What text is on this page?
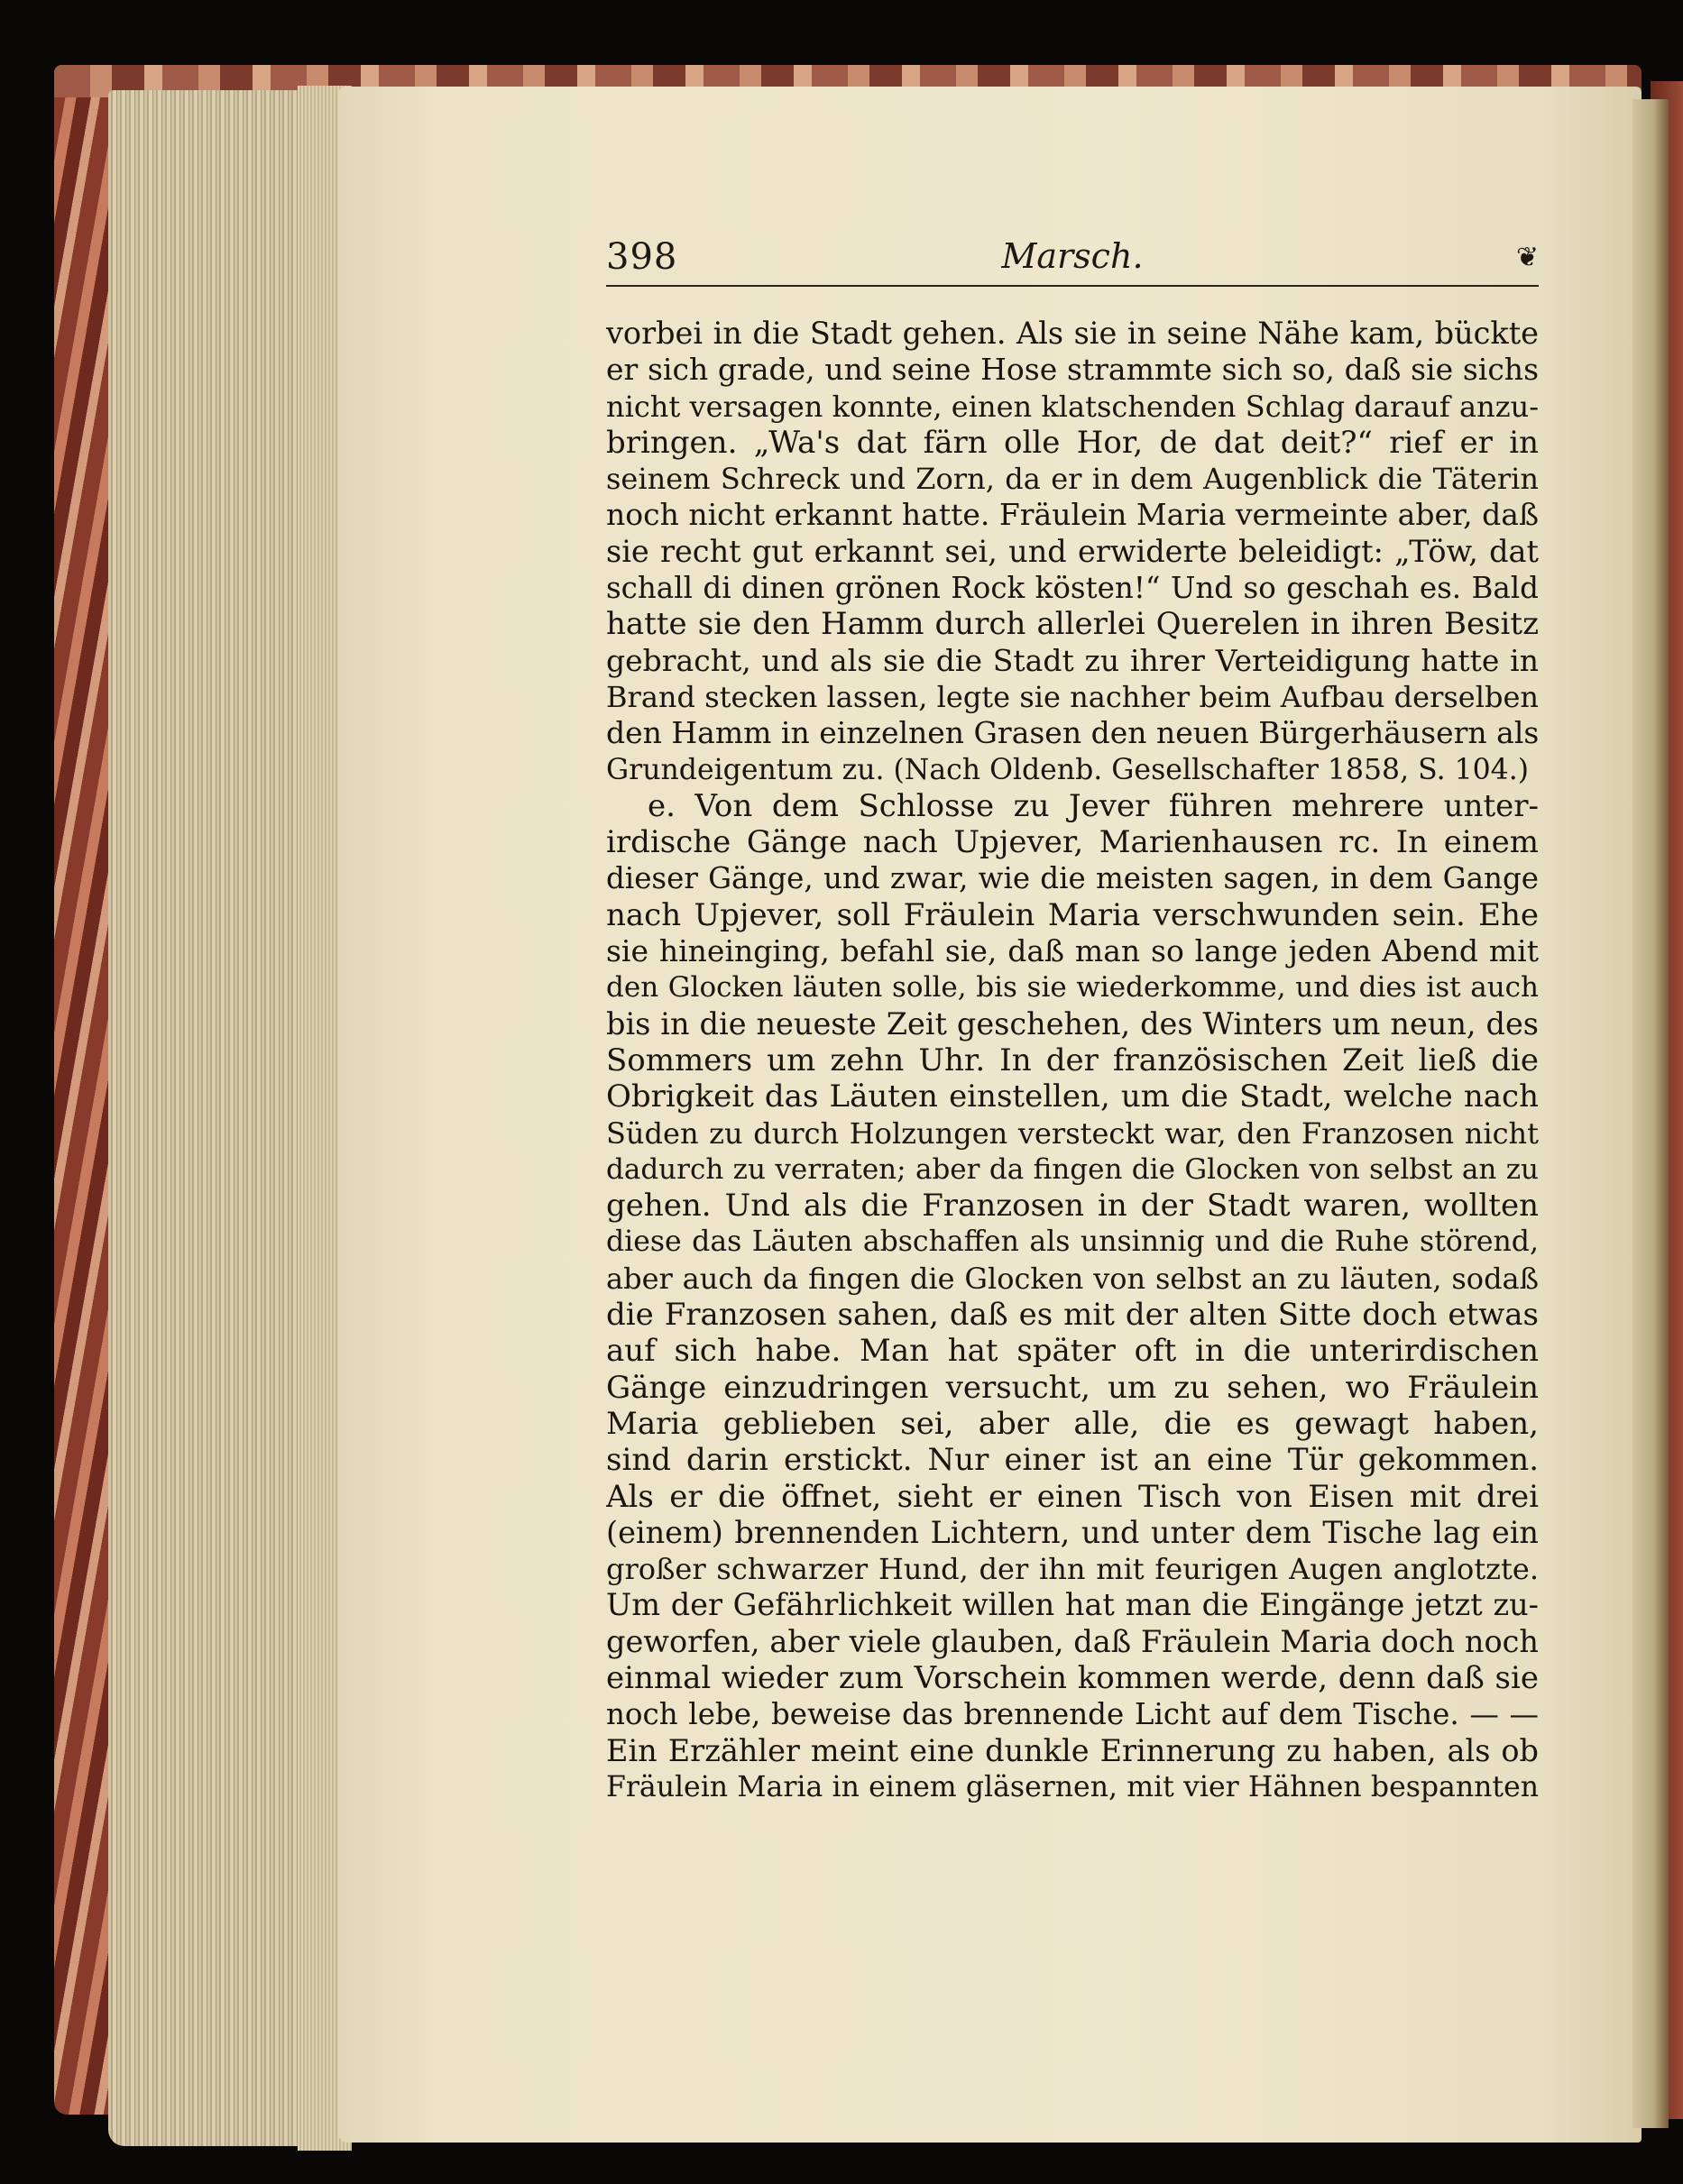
398	Marsch.	❦
vorbei in die Stadt gehen. Als sie in seine Nähe kam, bückte
er sich grade, und seine Hose strammte sich so, daß sie sichs
nicht versagen konnte, einen klatschenden Schlag darauf anzu-
bringen. „Wa's dat färn olle Hor, de dat deit?“ rief er in
seinem Schreck und Zorn, da er in dem Augenblick die Täterin
noch nicht erkannt hatte. Fräulein Maria vermeinte aber, daß
sie recht gut erkannt sei, und erwiderte beleidigt: „Töw, dat
schall di dinen grönen Rock kösten!“ Und so geschah es. Bald
hatte sie den Hamm durch allerlei Querelen in ihren Besitz
gebracht, und als sie die Stadt zu ihrer Verteidigung hatte in
Brand stecken lassen, legte sie nachher beim Aufbau derselben
den Hamm in einzelnen Grasen den neuen Bürgerhäusern als
Grundeigentum zu. (Nach Oldenb. Gesellschafter 1858, S. 104.)
e. Von dem Schlosse zu Jever führen mehrere unter-
irdische Gänge nach Upjever, Marienhausen rc. In einem
dieser Gänge, und zwar, wie die meisten sagen, in dem Gange
nach Upjever, soll Fräulein Maria verschwunden sein. Ehe
sie hineinging, befahl sie, daß man so lange jeden Abend mit
den Glocken läuten solle, bis sie wiederkomme, und dies ist auch
bis in die neueste Zeit geschehen, des Winters um neun, des
Sommers um zehn Uhr. In der französischen Zeit ließ die
Obrigkeit das Läuten einstellen, um die Stadt, welche nach
Süden zu durch Holzungen versteckt war, den Franzosen nicht
dadurch zu verraten; aber da fingen die Glocken von selbst an zu
gehen. Und als die Franzosen in der Stadt waren, wollten
diese das Läuten abschaffen als unsinnig und die Ruhe störend,
aber auch da fingen die Glocken von selbst an zu läuten, sodaß
die Franzosen sahen, daß es mit der alten Sitte doch etwas
auf sich habe. Man hat später oft in die unterirdischen
Gänge einzudringen versucht, um zu sehen, wo Fräulein
Maria geblieben sei, aber alle, die es gewagt haben,
sind darin erstickt. Nur einer ist an eine Tür gekommen.
Als er die öffnet, sieht er einen Tisch von Eisen mit drei
(einem) brennenden Lichtern, und unter dem Tische lag ein
großer schwarzer Hund, der ihn mit feurigen Augen anglotzte.
Um der Gefährlichkeit willen hat man die Eingänge jetzt zu-
geworfen, aber viele glauben, daß Fräulein Maria doch noch
einmal wieder zum Vorschein kommen werde, denn daß sie
noch lebe, beweise das brennende Licht auf dem Tische. — —
Ein Erzähler meint eine dunkle Erinnerung zu haben, als ob
Fräulein Maria in einem gläsernen, mit vier Hähnen bespannten
